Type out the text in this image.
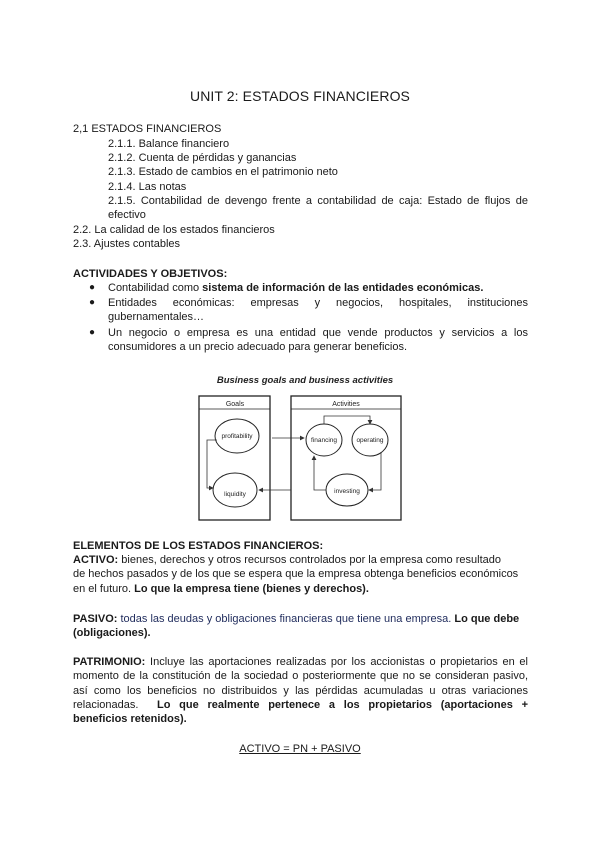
UNIT 2: ESTADOS FINANCIEROS
2,1 ESTADOS FINANCIEROS
2.1.1. Balance financiero
2.1.2. Cuenta de pérdidas y ganancias
2.1.3. Estado de cambios en el patrimonio neto
2.1.4. Las notas
2.1.5. Contabilidad de devengo frente a contabilidad de caja: Estado de flujos de
efectivo
2.2. La calidad de los estados financieros
2.3. Ajustes contables
ACTIVIDADES Y OBJETIVOS:
● Contabilidad como sistema de información de las entidades económicas.
● Entidades económicas: empresas y negocios, hospitales, instituciones
gubernamentales…
● Un negocio o empresa es una entidad que vende productos y servicios a los
consumidores a un precio adecuado para generar beneficios.
Business goals and business activities
Goals	Activities
profitability
liquidity
financing	operating
investing
ELEMENTOS DE LOS ESTADOS FINANCIEROS:
ACTIVO: bienes, derechos y otros recursos controlados por la empresa como resultado
de hechos pasados y de los que se espera que la empresa obtenga beneficios económicos
en el futuro. Lo que la empresa tiene (bienes y derechos).
PASIVO: todas las deudas y obligaciones financieras que tiene una empresa. Lo que debe
(obligaciones).
PATRIMONIO: Incluye las aportaciones realizadas por los accionistas o propietarios en el
momento de la constitución de la sociedad o posteriormente que no se consideran pasivo,
así como los beneficios no distribuidos y las pérdidas acumuladas u otras variaciones
relacionadas. Lo que realmente pertenece a los propietarios (aportaciones +
beneficios retenidos).
ACTIVO = PN + PASIVO
